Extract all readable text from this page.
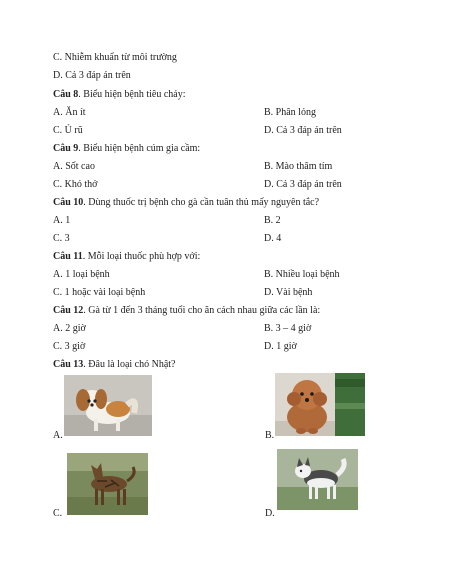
C. Nhiễm khuẩn từ môi trường
D. Cả 3 đáp án trên
Câu 8. Biểu hiện bệnh tiêu chảy:
A. Ăn ít	B. Phân lỏng
C. Ủ rũ	D. Cả 3 đáp án trên
Câu 9. Biểu hiện bệnh cúm gia cầm:
A. Sốt cao	B. Mào thâm tím
C. Khó thở	D. Cả 3 đáp án trên
Câu 10. Dùng thuốc trị bệnh cho gà cần tuân thủ mấy nguyên tắc?
A. 1	B. 2
C. 3	D. 4
Câu 11. Mỗi loại thuốc phù hợp với:
A. 1 loại bệnh	B. Nhiều loại bệnh
C. 1 hoặc vài loại bệnh	D. Vài bệnh
Câu 12. Gà từ 1 đến 3 tháng tuổi cho ăn cách nhau giữa các lần là:
A. 2 giờ	B. 3 – 4 giờ
C. 3 giờ	D. 1 giờ
Câu 13. Đâu là loại chó Nhật?
A.	B.
C.	D.
